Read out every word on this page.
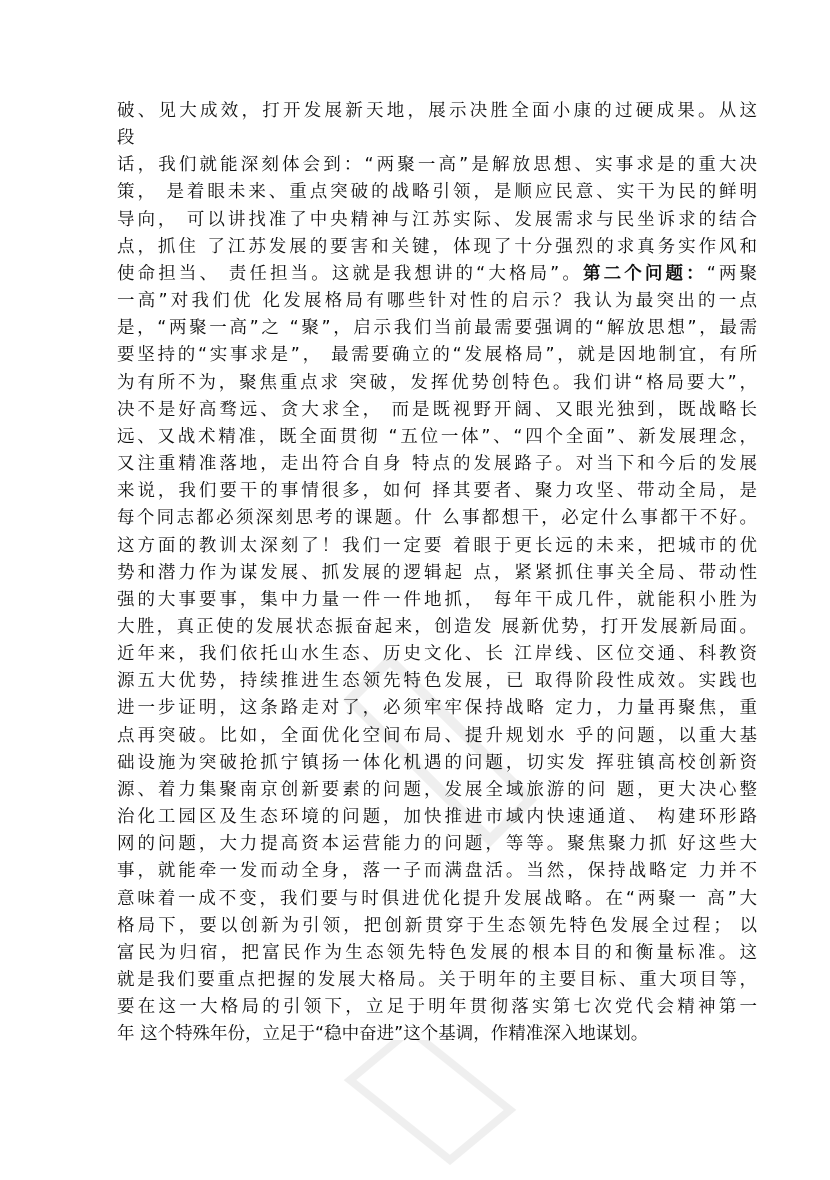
破、见大成效，打开发展新天地，展示决胜全面小康的过硬成果。从这
段
话，我们就能深刻体会到：“两聚一高”是解放思想、实事求是的重大决
策， 是着眼未来、重点突破的战略引领，是顺应民意、实干为民的鲜明
导向， 可以讲找准了中央精神与江苏实际、发展需求与民坐诉求的结合
点，抓住 了江苏发展的要害和关键，体现了十分强烈的求真务实作风和
使命担当、 责任担当。这就是我想讲的“大格局”。第二个问题：“两聚
一高”对我们优 化发展格局有哪些针对性的启示？我认为最突出的一点
是，“两聚一高”之 “聚”，启示我们当前最需要强调的“解放思想”，最需
要坚持的“实事求是”， 最需要确立的“发展格局”，就是因地制宜，有所
为有所不为，聚焦重点求 突破，发挥优势创特色。我们讲“格局要大”，
决不是好高骛远、贪大求全， 而是既视野开阔、又眼光独到，既战略长
远、又战术精准，既全面贯彻 “五位一体”、“四个全面”、新发展理念，
又注重精准落地，走出符合自身 特点的发展路子。对当下和今后的发展
来说，我们要干的事情很多，如何 择其要者、聚力攻坚、带动全局，是
每个同志都必须深刻思考的课题。什 么事都想干，必定什么事都干不好。
这方面的教训太深刻了！我们一定要 着眼于更长远的未来，把城市的优
势和潜力作为谋发展、抓发展的逻辑起 点，紧紧抓住事关全局、带动性
强的大事要事，集中力量一件一件地抓， 每年干成几件，就能积小胜为
大胜，真正使的发展状态振奋起来，创造发 展新优势，打开发展新局面。
近年来，我们依托山水生态、历史文化、长 江岸线、区位交通、科教资
源五大优势，持续推进生态领先特色发展，已 取得阶段性成效。实践也
进一步证明，这条路走对了，必须牢牢保持战略 定力，力量再聚焦，重
点再突破。比如，全面优化空间布局、提升规划水 乎的问题，以重大基
础设施为突破抢抓宁镇扬一体化机遇的问题，切实发 挥驻镇高校创新资
源、着力集聚南京创新要素的问题，发展全域旅游的问 题，更大决心整
治化工园区及生态环境的问题，加快推进市域内快速通道、 构建环形路
网的问题，大力提高资本运营能力的问题，等等。聚焦聚力抓 好这些大
事，就能牵一发而动全身，落一子而满盘活。当然，保持战略定 力并不
意味着一成不变，我们要与时俱进优化提升发展战略。在“两聚一 高”大
格局下，要以创新为引领，把创新贯穿于生态领先特色发展全过程； 以
富民为归宿，把富民作为生态领先特色发展的根本目的和衡量标准。这
就是我们要重点把握的发展大格局。关于明年的主要目标、重大项目等，
要在这一大格局的引领下，立足于明年贯彻落实第七次党代会精神第一
年 这个特殊年份，立足于“稳中奋进”这个基调，作精准深入地谋划。
